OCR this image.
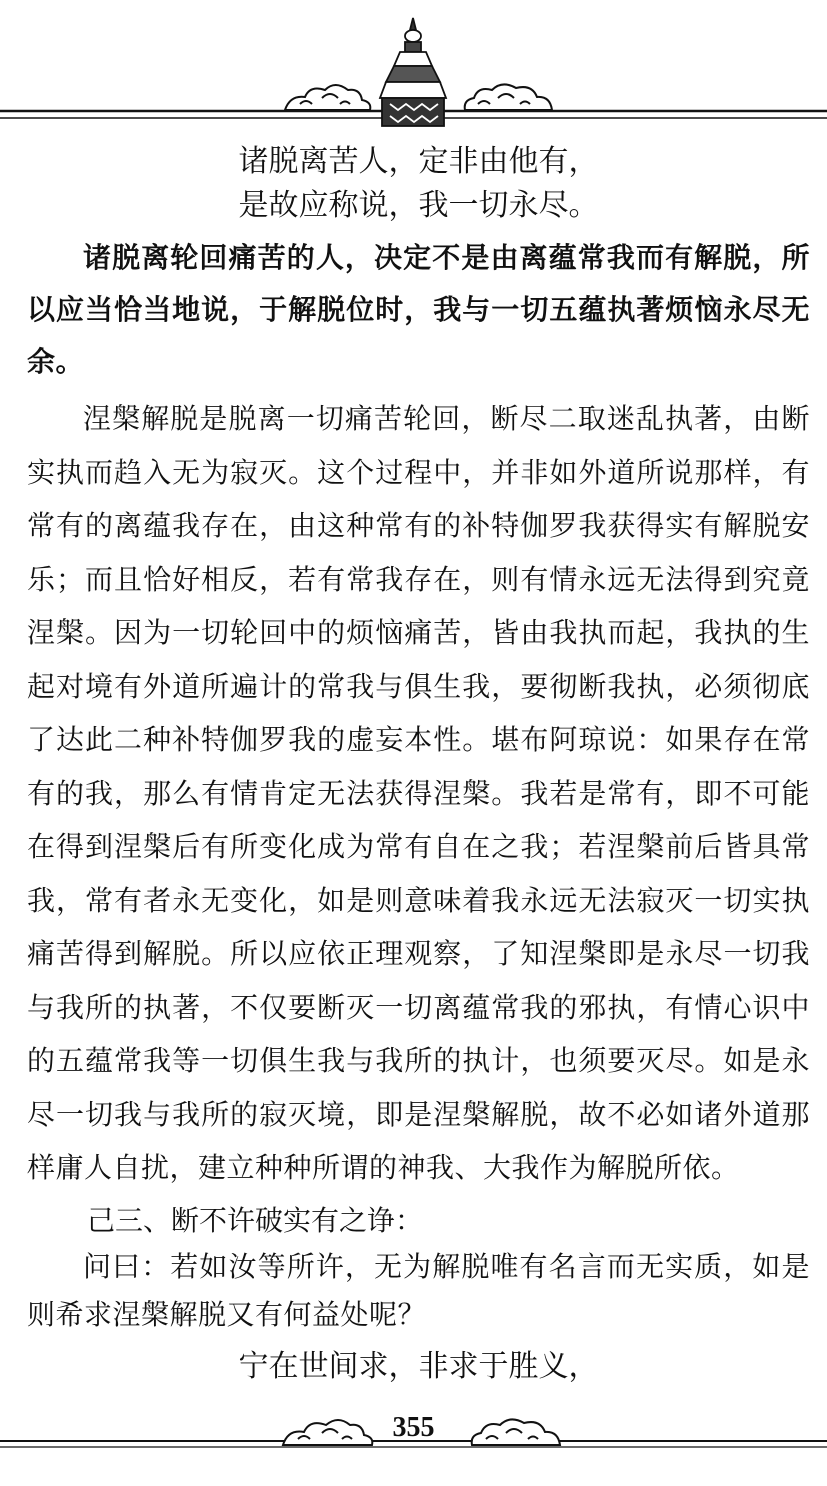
诸脱离苦人，定非由他有，

是故应称说，我一切永尽。

诸脱离轮回痛苦的人，决定不是由离蕴常我而有解脱，所以应当恰当地说，于解脱位时，我与一切五蕴执著烦恼永尽无余。

涅槃解脱是脱离一切痛苦轮回，断尽二取迷乱执著，由断实执而趋入无为寂灭。这个过程中，并非如外道所说那样，有常有的离蕴我存在，由这种常有的补特伽罗我获得实有解脱安乐；而且恰好相反，若有常我存在，则有情永远无法得到究竟涅槃。因为一切轮回中的烦恼痛苦，皆由我执而起，我执的生起对境有外道所遍计的常我与俱生我，要彻断我执，必须彻底了达此二种补特伽罗我的虚妄本性。堪布阿琼说：如果存在常有的我，那么有情肯定无法获得涅槃。我若是常有，即不可能在得到涅槃后有所变化成为常有自在之我；若涅槃前后皆具常我，常有者永无变化，如是则意味着我永远无法寂灭一切实执痛苦得到解脱。所以应依正理观察，了知涅槃即是永尽一切我与我所的执著，不仅要断灭一切离蕴常我的邪执，有情心识中的五蕴常我等一切俱生我与我所的执计，也须要灭尽。如是永尽一切我与我所的寂灭境，即是涅槃解脱，故不必如诸外道那样庸人自扰，建立种种所谓的神我、大我作为解脱所依。

己三、断不许破实有之诤：

问曰：若如汝等所许，无为解脱唯有名言而无实质，如是则希求涅槃解脱又有何益处呢？

宁在世间求，非求于胜义，

355
